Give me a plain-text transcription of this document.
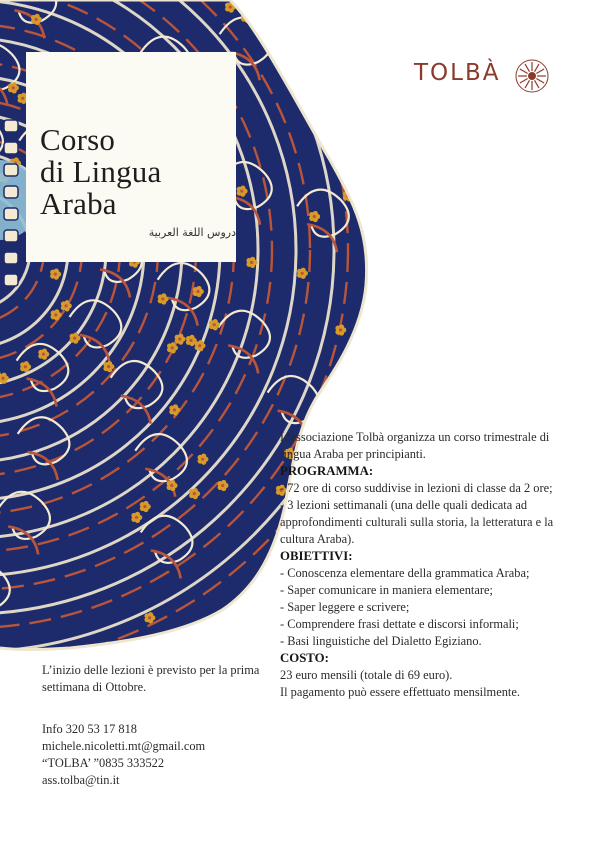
Corso
di Lingua
Araba
دروس اللغة العربية
TOLBÀ

L’associazione Tolbà organizza un corso trimestrale di lingua Araba per principianti.

PROGRAMMA:

- 72 ore di corso suddivise in lezioni di classe da 2 ore;

- 3 lezioni settimanali (una delle quali dedicata ad approfondimenti culturali sulla storia, la letteratura e la cultura Araba).

OBIETTIVI:

- Conoscenza elementare della grammatica Araba;

- Saper comunicare in maniera elementare;

- Saper leggere e scrivere;

- Comprendere frasi dettate e discorsi informali;

- Basi linguistiche del Dialetto Egiziano.

COSTO:

23 euro mensili (totale di 69 euro).

Il pagamento può essere effettuato mensilmente.

L’inizio delle lezioni è previsto per la prima settimana di Ottobre.

Info 320 53 17 818

michele.nicoletti.mt@gmail.com

“TOLBA’ ”0835 333522

ass.tolba@tin.it
